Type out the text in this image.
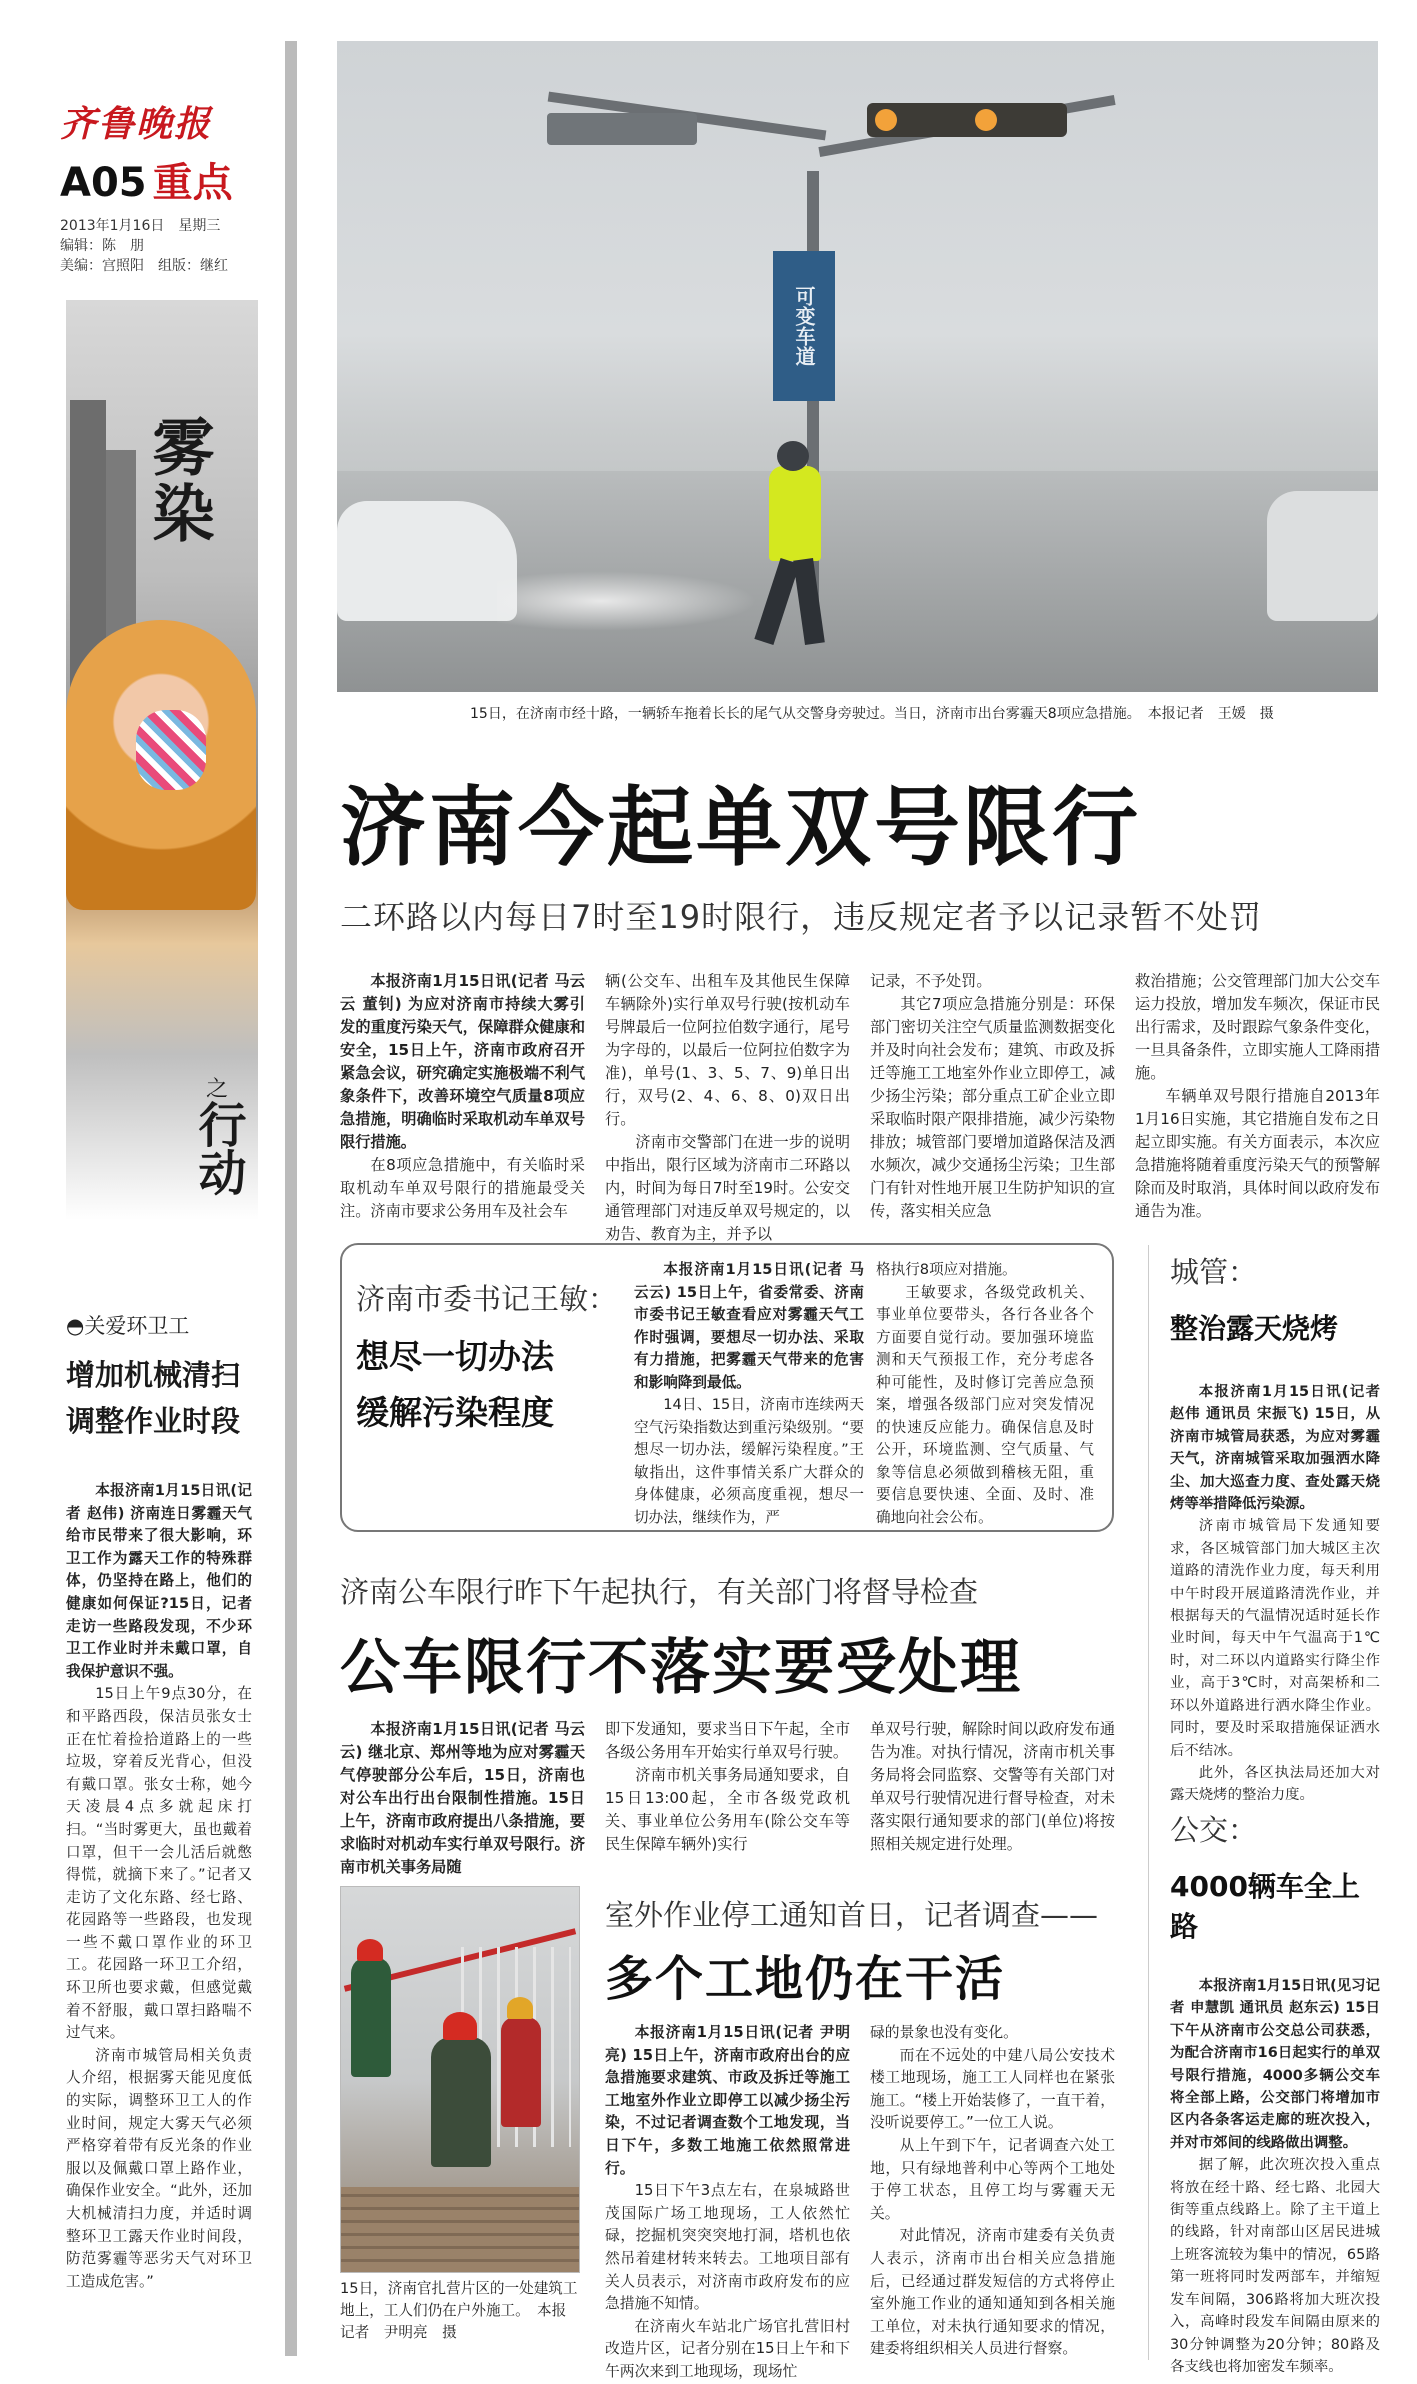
齐鲁晚报
A05 重点
2013年1月16日　星期三
编辑：陈　朋
美编：宫照阳　组版：继红
雾染
之
行动
◓关爱环卫工
增加机械清扫
调整作业时段

本报济南1月15日讯(记者 赵伟) 济南连日雾霾天气给市民带来了很大影响，环卫工作为露天工作的特殊群体，仍坚持在路上，他们的健康如何保证?15日，记者走访一些路段发现，不少环卫工作业时并未戴口罩，自我保护意识不强。

15日上午9点30分，在和平路西段，保洁员张女士正在忙着捡拾道路上的一些垃圾，穿着反光背心，但没有戴口罩。张女士称，她今天凌晨4点多就起床打扫。“当时雾更大，虽也戴着口罩，但干一会儿活后就憋得慌，就摘下来了。”记者又走访了文化东路、经七路、花园路等一些路段，也发现一些不戴口罩作业的环卫工。花园路一环卫工介绍，环卫所也要求戴，但感觉戴着不舒服，戴口罩扫路喘不过气来。

济南市城管局相关负责人介绍，根据雾天能见度低的实际，调整环卫工人的作业时间，规定大雾天气必须严格穿着带有反光条的作业服以及佩戴口罩上路作业，确保作业安全。“此外，还加大机械清扫力度，并适时调整环卫工露天作业时间段，防范雾霾等恶劣天气对环卫工造成危害。”

可变车道
15日，在济南市经十路，一辆轿车拖着长长的尾气从交警身旁驶过。当日，济南市出台雾霾天8项应急措施。　本报记者　王媛　摄
济南今起单双号限行
二环路以内每日7时至19时限行，违反规定者予以记录暂不处罚

本报济南1月15日讯(记者 马云云 董钊) 为应对济南市持续大雾引发的重度污染天气，保障群众健康和安全，15日上午，济南市政府召开紧急会议，研究确定实施极端不利气象条件下，改善环境空气质量8项应急措施，明确临时采取机动车单双号限行措施。

在8项应急措施中，有关临时采取机动车单双号限行的措施最受关注。济南市要求公务用车及社会车

辆(公交车、出租车及其他民生保障车辆除外)实行单双号行驶(按机动车号牌最后一位阿拉伯数字通行，尾号为字母的，以最后一位阿拉伯数字为准)，单号(1、3、5、7、9)单日出行，双号(2、4、6、8、0)双日出行。

济南市交警部门在进一步的说明中指出，限行区域为济南市二环路以内，时间为每日7时至19时。公安交通管理部门对违反单双号规定的，以劝告、教育为主，并予以

记录，不予处罚。

其它7项应急措施分别是：环保部门密切关注空气质量监测数据变化并及时向社会发布；建筑、市政及拆迁等施工工地室外作业立即停工，减少扬尘污染；部分重点工矿企业立即采取临时限产限排措施，减少污染物排放；城管部门要增加道路保洁及洒水频次，减少交通扬尘污染；卫生部门有针对性地开展卫生防护知识的宣传，落实相关应急

救治措施；公交管理部门加大公交车运力投放，增加发车频次，保证市民出行需求，及时跟踪气象条件变化，一旦具备条件，立即实施人工降雨措施。

车辆单双号限行措施自2013年1月16日实施，其它措施自发布之日起立即实施。有关方面表示，本次应急措施将随着重度污染天气的预警解除而及时取消，具体时间以政府发布通告为准。

济南市委书记王敏：
想尽一切办法
缓解污染程度

本报济南1月15日讯(记者 马云云) 15日上午，省委常委、济南市委书记王敏查看应对雾霾天气工作时强调，要想尽一切办法、采取有力措施，把雾霾天气带来的危害和影响降到最低。

14日、15日，济南市连续两天空气污染指数达到重污染级别。“要想尽一切办法，缓解污染程度。”王敏指出，这件事情关系广大群众的身体健康，必须高度重视，想尽一切办法，继续作为，严

格执行8项应对措施。

王敏要求，各级党政机关、事业单位要带头，各行各业各个方面要自觉行动。要加强环境监测和天气预报工作，充分考虑各种可能性，及时修订完善应急预案，增强各级部门应对突发情况的快速反应能力。确保信息及时公开，环境监测、空气质量、气象等信息必须做到稽核无阻，重要信息要快速、全面、及时、准确地向社会公布。

城管：
整治露天烧烤

本报济南1月15日讯(记者 赵伟 通讯员 宋振飞) 15日，从济南市城管局获悉，为应对雾霾天气，济南城管采取加强洒水降尘、加大巡查力度、查处露天烧烤等举措降低污染源。

济南市城管局下发通知要求，各区城管部门加大城区主次道路的清洗作业力度，每天利用中午时段开展道路清洗作业，并根据每天的气温情况适时延长作业时间，每天中午气温高于1℃时，对二环以内道路实行降尘作业，高于3℃时，对高架桥和二环以外道路进行洒水降尘作业。同时，要及时采取措施保证洒水后不结冰。

此外，各区执法局还加大对露天烧烤的整治力度。

公交：
4000辆车全上路

本报济南1月15日讯(见习记者 申慧凯 通讯员 赵东云) 15日下午从济南市公交总公司获悉，为配合济南市16日起实行的单双号限行措施，4000多辆公交车将全部上路，公交部门将增加市区内各条客运走廊的班次投入，并对市郊间的线路做出调整。

据了解，此次班次投入重点将放在经十路、经七路、北园大街等重点线路上。除了主干道上的线路，针对南部山区居民进城上班客流较为集中的情况，65路第一班将同时发两部车，并缩短发车间隔，306路将加大班次投入，高峰时段发车间隔由原来的30分钟调整为20分钟；80路及各支线也将加密发车频率。

济南公车限行昨下午起执行，有关部门将督导检查
公车限行不落实要受处理

本报济南1月15日讯(记者 马云云) 继北京、郑州等地为应对雾霾天气停驶部分公车后，15日，济南也对公车出行出台限制性措施。15日上午，济南市政府提出八条措施，要求临时对机动车实行单双号限行。济南市机关事务局随

即下发通知，要求当日下午起，全市各级公务用车开始实行单双号行驶。

济南市机关事务局通知要求，自15日13:00起，全市各级党政机关、事业单位公务用车(除公交车等民生保障车辆外)实行

单双号行驶，解除时间以政府发布通告为准。对执行情况，济南市机关事务局将会同监察、交警等有关部门对单双号行驶情况进行督导检查，对未落实限行通知要求的部门(单位)将按照相关规定进行处理。

15日，济南官扎营片区的一处建筑工地上，工人们仍在户外施工。　本报记者　尹明亮　摄
室外作业停工通知首日，记者调查——
多个工地仍在干活

本报济南1月15日讯(记者 尹明亮) 15日上午，济南市政府出台的应急措施要求建筑、市政及拆迁等施工工地室外作业立即停工以减少扬尘污染，不过记者调查数个工地发现，当日下午，多数工地施工依然照常进行。

15日下午3点左右，在泉城路世茂国际广场工地现场，工人依然忙碌，挖掘机突突突地打洞，塔机也依然吊着建材转来转去。工地项目部有关人员表示，对济南市政府发布的应急措施不知情。

在济南火车站北广场官扎营旧村改造片区，记者分别在15日上午和下午两次来到工地现场，现场忙

碌的景象也没有变化。

而在不远处的中建八局公安技术楼工地现场，施工工人同样也在紧张施工。“楼上开始装修了，一直干着，没听说要停工。”一位工人说。

从上午到下午，记者调查六处工地，只有绿地普利中心等两个工地处于停工状态，且停工均与雾霾天无关。

对此情况，济南市建委有关负责人表示，济南市出台相关应急措施后，已经通过群发短信的方式将停止室外施工作业的通知通知到各相关施工单位，对未执行通知要求的情况，建委将组织相关人员进行督察。
